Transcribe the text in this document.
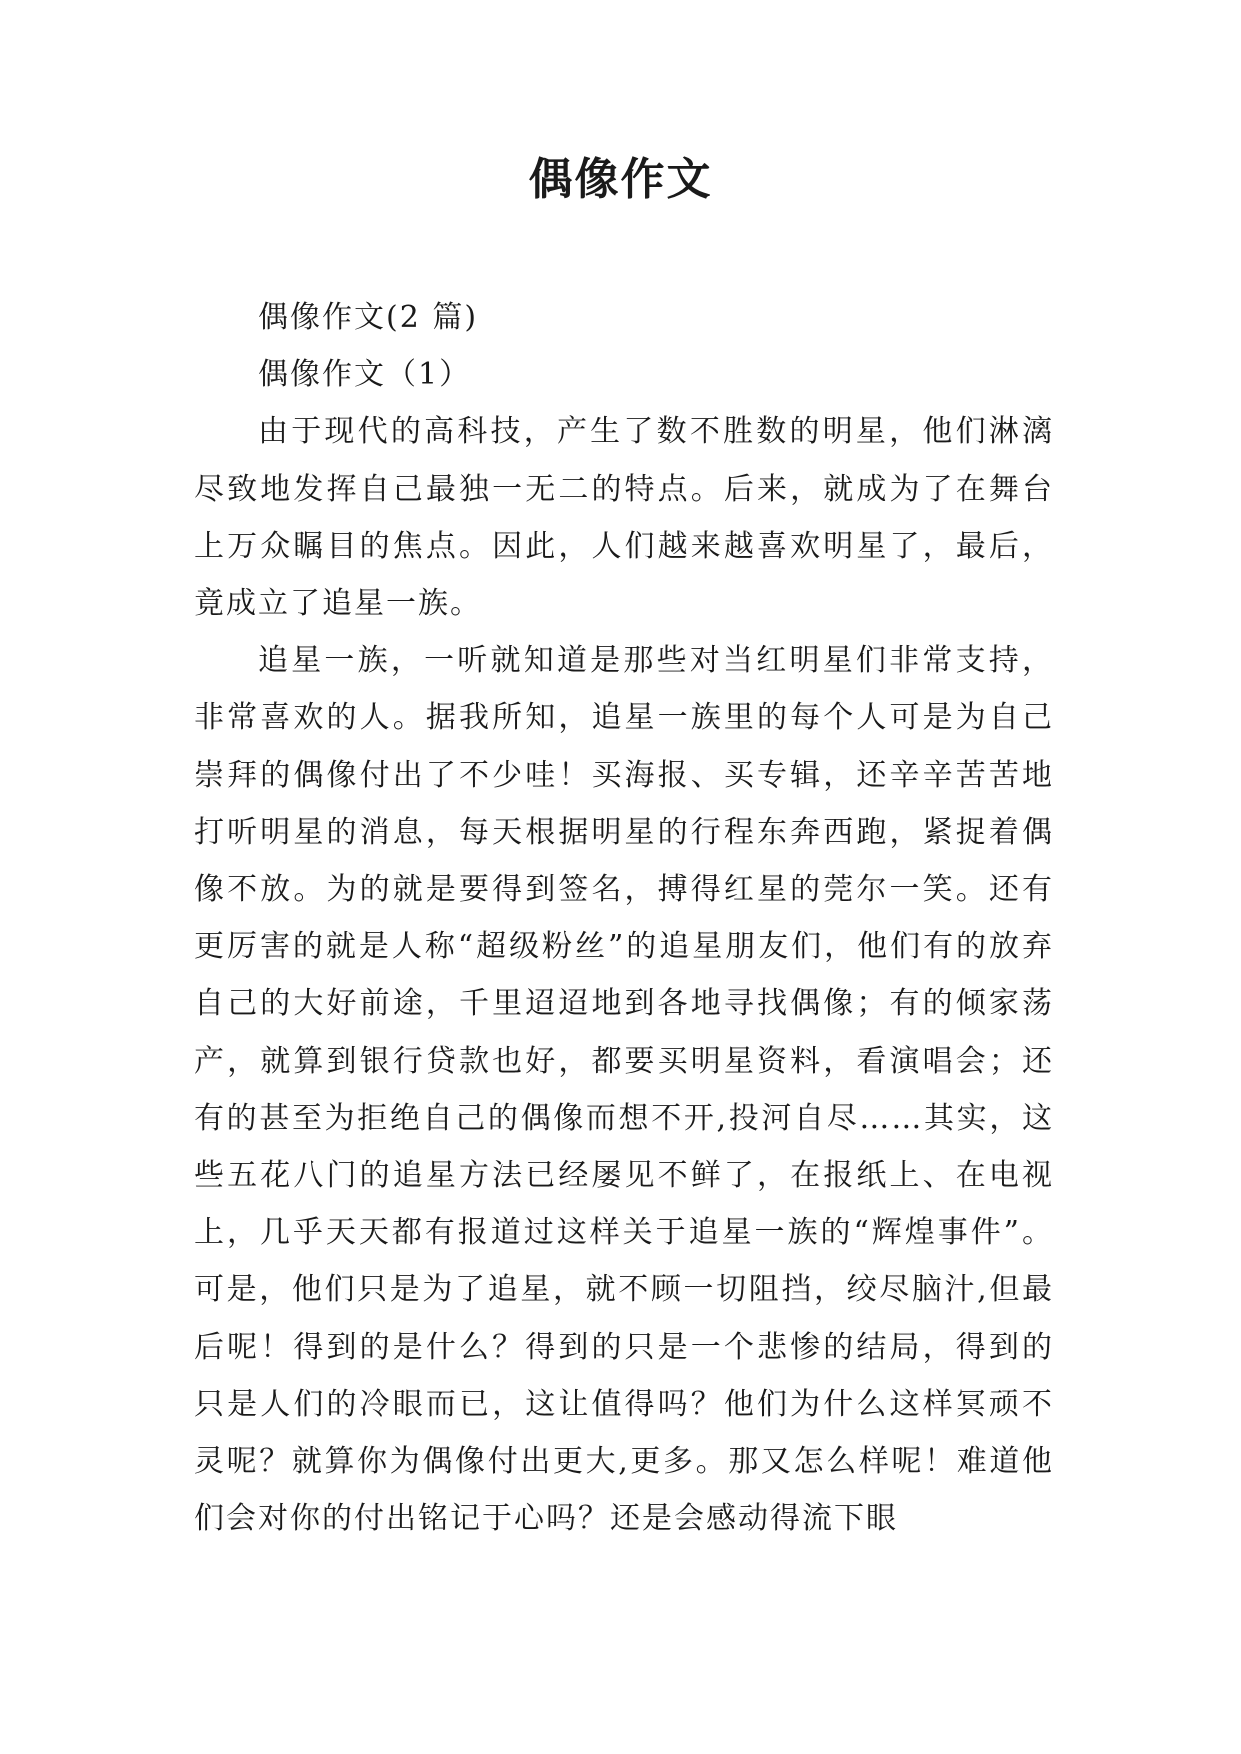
偶像作文

偶像作文(2 篇)

偶像作文（1）

由于现代的高科技，产生了数不胜数的明星，他们淋漓尽致地发挥自己最独一无二的特点。后来，就成为了在舞台上万众瞩目的焦点。因此，人们越来越喜欢明星了，最后，竟成立了追星一族。

追星一族，一听就知道是那些对当红明星们非常支持，非常喜欢的人。据我所知，追星一族里的每个人可是为自己崇拜的偶像付出了不少哇！买海报、买专辑，还辛辛苦苦地打听明星的消息，每天根据明星的行程东奔西跑，紧捉着偶像不放。为的就是要得到签名，搏得红星的莞尔一笑。还有更厉害的就是人称“超级粉丝”的追星朋友们，他们有的放弃自己的大好前途，千里迢迢地到各地寻找偶像；有的倾家荡产，就算到银行贷款也好，都要买明星资料，看演唱会；还有的甚至为拒绝自己的偶像而想不开,投河自尽……其实，这些五花八门的追星方法已经屡见不鲜了，在报纸上、在电视上，几乎天天都有报道过这样关于追星一族的“辉煌事件”。可是，他们只是为了追星，就不顾一切阻挡，绞尽脑汁,但最后呢！得到的是什么？得到的只是一个悲惨的结局，得到的只是人们的冷眼而已，这让值得吗？他们为什么这样冥顽不灵呢？就算你为偶像付出更大,更多。那又怎么样呢！难道他们会对你的付出铭记于心吗？还是会感动得流下眼
